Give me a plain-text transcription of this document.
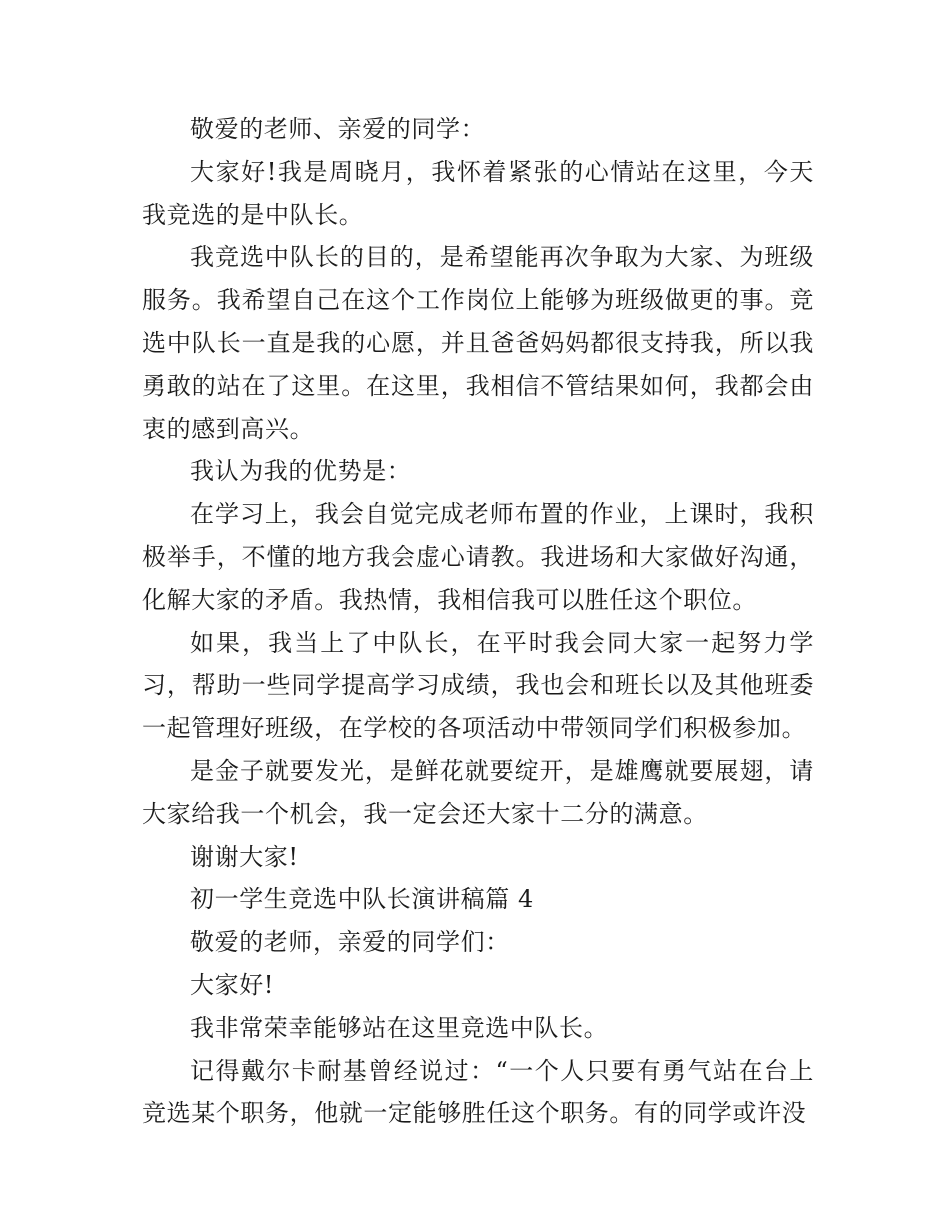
敬爱的老师、亲爱的同学：

大家好!我是周晓月，我怀着紧张的心情站在这里，今天我竞选的是中队长。

我竞选中队长的目的，是希望能再次争取为大家、为班级服务。我希望自己在这个工作岗位上能够为班级做更的事。竞选中队长一直是我的心愿，并且爸爸妈妈都很支持我，所以我勇敢的站在了这里。在这里，我相信不管结果如何，我都会由衷的感到高兴。

我认为我的优势是：

在学习上，我会自觉完成老师布置的作业，上课时，我积极举手，不懂的地方我会虚心请教。我进场和大家做好沟通，化解大家的矛盾。我热情，我相信我可以胜任这个职位。

如果，我当上了中队长，在平时我会同大家一起努力学习，帮助一些同学提高学习成绩，我也会和班长以及其他班委一起管理好班级，在学校的各项活动中带领同学们积极参加。

是金子就要发光，是鲜花就要绽开，是雄鹰就要展翅，请大家给我一个机会，我一定会还大家十二分的满意。

谢谢大家!

初一学生竞选中队长演讲稿篇 4

敬爱的老师，亲爱的同学们：

大家好!

我非常荣幸能够站在这里竞选中队长。

记得戴尔卡耐基曾经说过：“一个人只要有勇气站在台上竞选某个职务，他就一定能够胜任这个职务。有的同学或许没
